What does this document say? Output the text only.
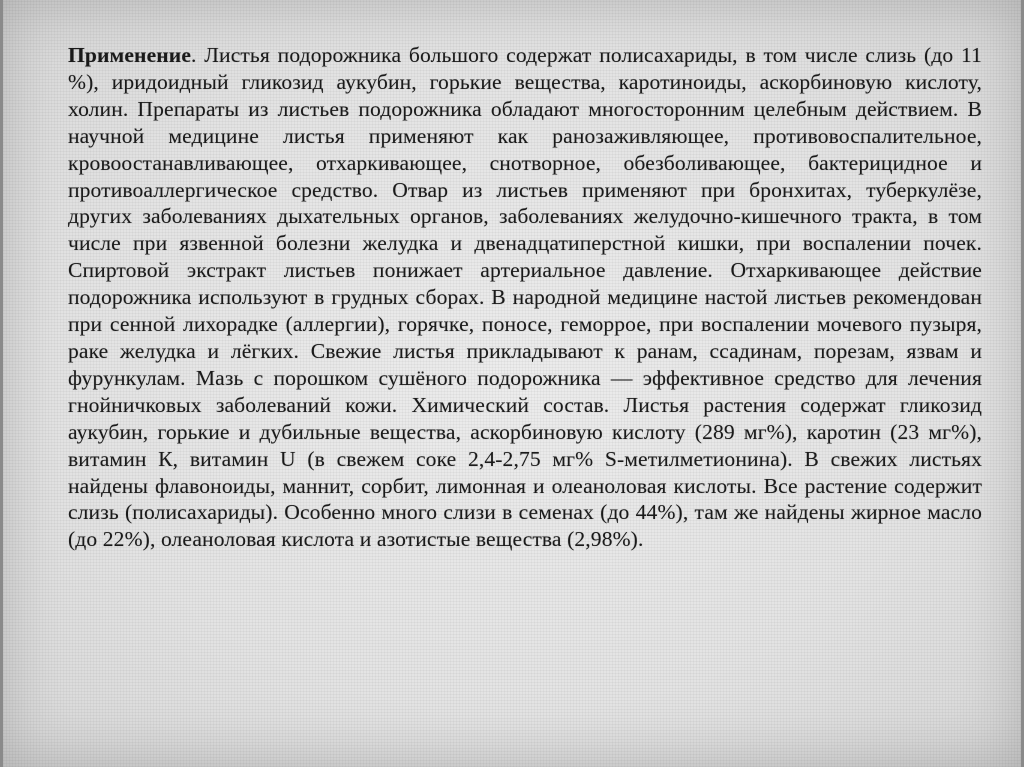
Применение. Листья подорожника большого содержат полисахариды, в том числе слизь (до 11 %), иридоидный гликозид аукубин, горькие вещества, каротиноиды, аскорбиновую кислоту, холин. Препараты из листьев подорожника обладают многосторонним целебным действием. В научной медицине листья применяют как ранозаживляющее, противовоспалительное, кровоостанавливающее, отхаркивающее, снотворное, обезболивающее, бактерицидное и противоаллергическое средство. Отвар из листьев применяют при бронхитах, туберкулёзе, других заболеваниях дыхательных органов, заболеваниях желудочно-кишечного тракта, в том числе при язвенной болезни желудка и двенадцатиперстной кишки, при воспалении почек. Спиртовой экстракт листьев понижает артериальное давление. Отхаркивающее действие подорожника используют в грудных сборах. В народной медицине настой листьев рекомендован при сенной лихорадке (аллергии), горячке, поносе, геморрое, при воспалении мочевого пузыря, раке желудка и лёгких. Свежие листья прикладывают к ранам, ссадинам, порезам, язвам и фурункулам. Мазь с порошком сушёного подорожника — эффективное средство для лечения гнойничковых заболеваний кожи. Химический состав. Листья растения содержат гликозид аукубин, горькие и дубильные вещества, аскорбиновую кислоту (289 мг%), каротин (23 мг%), витамин К, витамин U (в свежем соке 2,4-2,75 мг% S-метилметионина). В свежих листьях найдены флавоноиды, маннит, сорбит, лимонная и олеаноловая кислоты. Все растение содержит слизь (полисахариды). Особенно много слизи в семенах (до 44%), там же найдены жирное масло (до 22%), олеаноловая кислота и азотистые вещества (2,98%).
